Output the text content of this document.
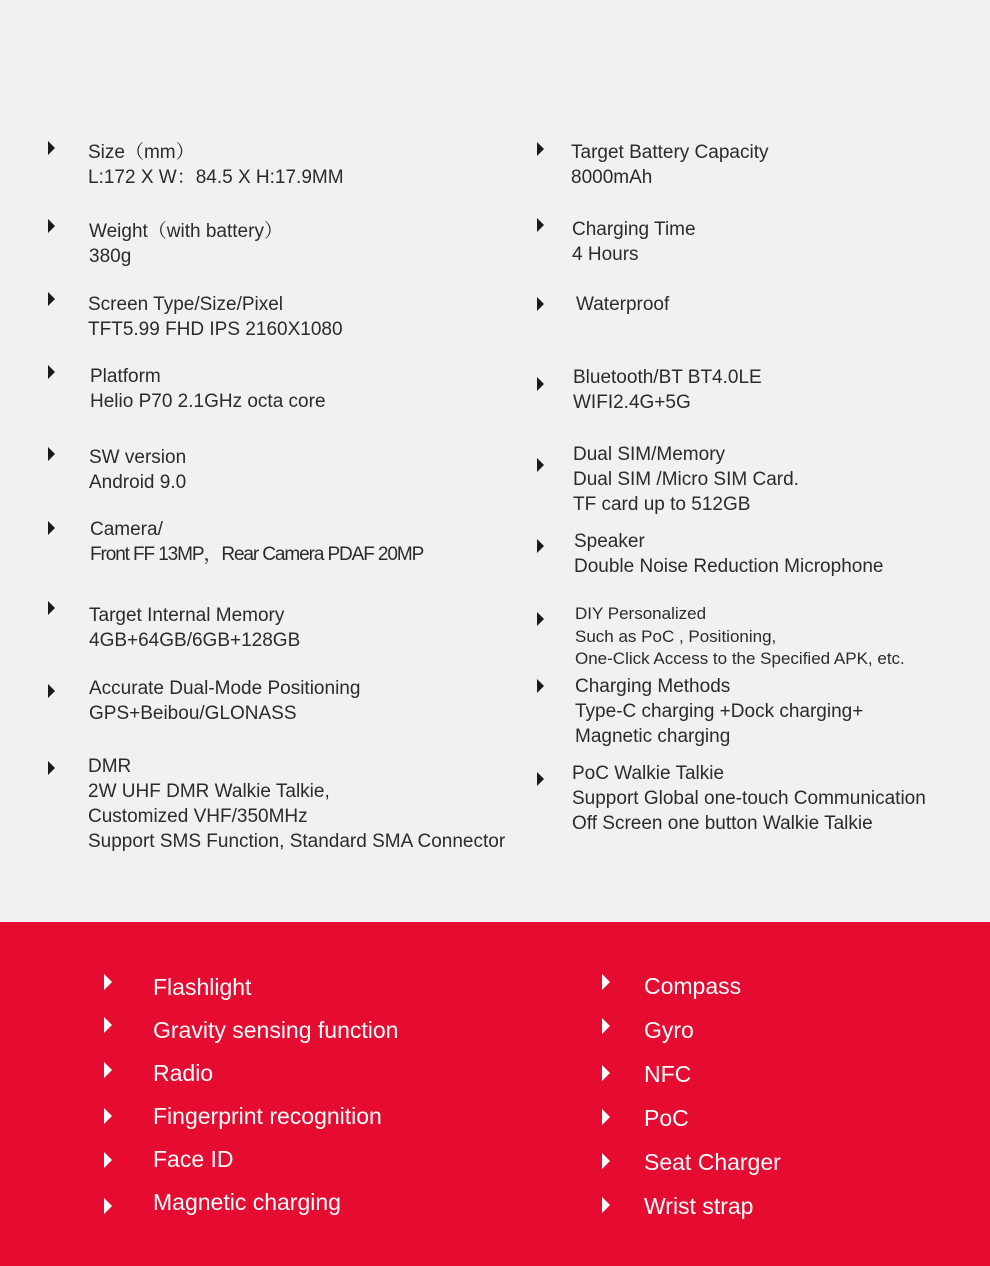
Size（mm）
L:172 X W：84.5 X H:17.9MM
Weight（with battery）
380g
Screen Type/Size/Pixel
TFT5.99 FHD IPS 2160X1080
Platform
Helio P70 2.1GHz octa core
SW version
Android 9.0
Camera/
Front FF 13MP，Rear Camera PDAF 20MP
Target Internal Memory
4GB+64GB/6GB+128GB
Accurate Dual-Mode Positioning
GPS+Beibou/GLONASS
DMR
2W UHF DMR Walkie Talkie,
Customized VHF/350MHz
Support SMS Function, Standard SMA Connector
Target Battery Capacity
8000mAh
Charging Time
4 Hours
Waterproof
Bluetooth/BT BT4.0LE
WIFI2.4G+5G
Dual SIM/Memory
Dual SIM /Micro SIM Card.
TF card up to 512GB
Speaker
Double Noise Reduction Microphone
DIY Personalized
Such as PoC , Positioning,
One-Click Access to the Specified APK, etc.
Charging Methods
Type-C charging +Dock charging+
Magnetic charging
PoC Walkie Talkie
Support Global one-touch Communication
Off Screen one button Walkie Talkie
Flashlight
Gravity sensing function
Radio
Fingerprint recognition
Face ID
Magnetic charging
Compass
Gyro
NFC
PoC
Seat Charger
Wrist strap
